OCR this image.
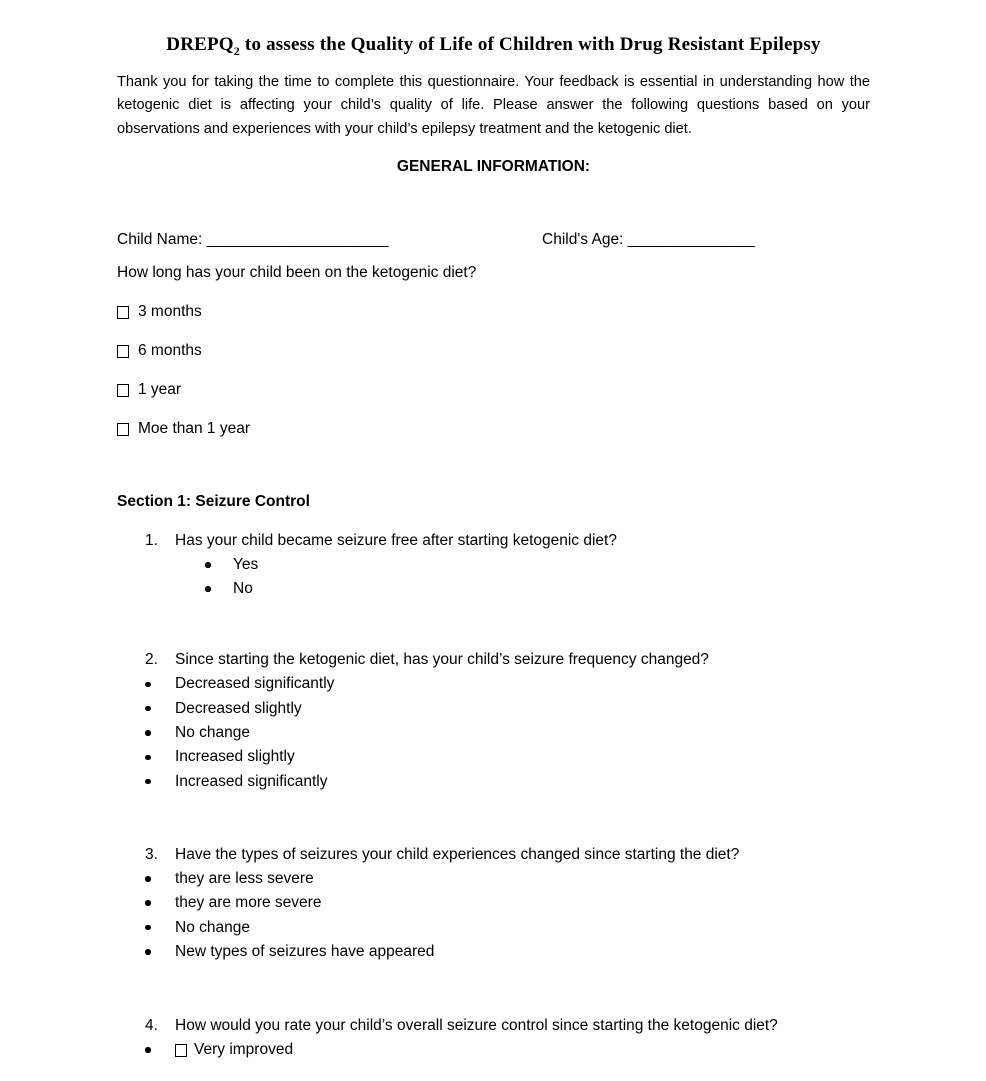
$DREPQ_2$ to assess the Quality of Life of Children with Drug Resistant Epilepsy

Thank you for taking the time to complete this questionnaire. Your feedback is essential in understanding how the ketogenic diet is affecting your child’s quality of life. Please answer the following questions based on your observations and experiences with your child’s epilepsy treatment and the ketogenic diet.

GENERAL INFORMATION:
Child Name: ____________________	Child's Age: ______________
How long has your child been on the ketogenic diet?
3 months
6 months
1 year
Moe than 1 year
Section 1: Seizure Control
1.	Has your child became seizure free after starting ketogenic diet?
Yes
No
2.	Since starting the ketogenic diet, has your child’s seizure frequency changed?
Decreased significantly
Decreased slightly
No change
Increased slightly
Increased significantly
3.	Have the types of seizures your child experiences changed since starting the diet?
they are less severe
they are more severe
No change
New types of seizures have appeared
4.	How would you rate your child’s overall seizure control since starting the ketogenic diet?
Very improved
